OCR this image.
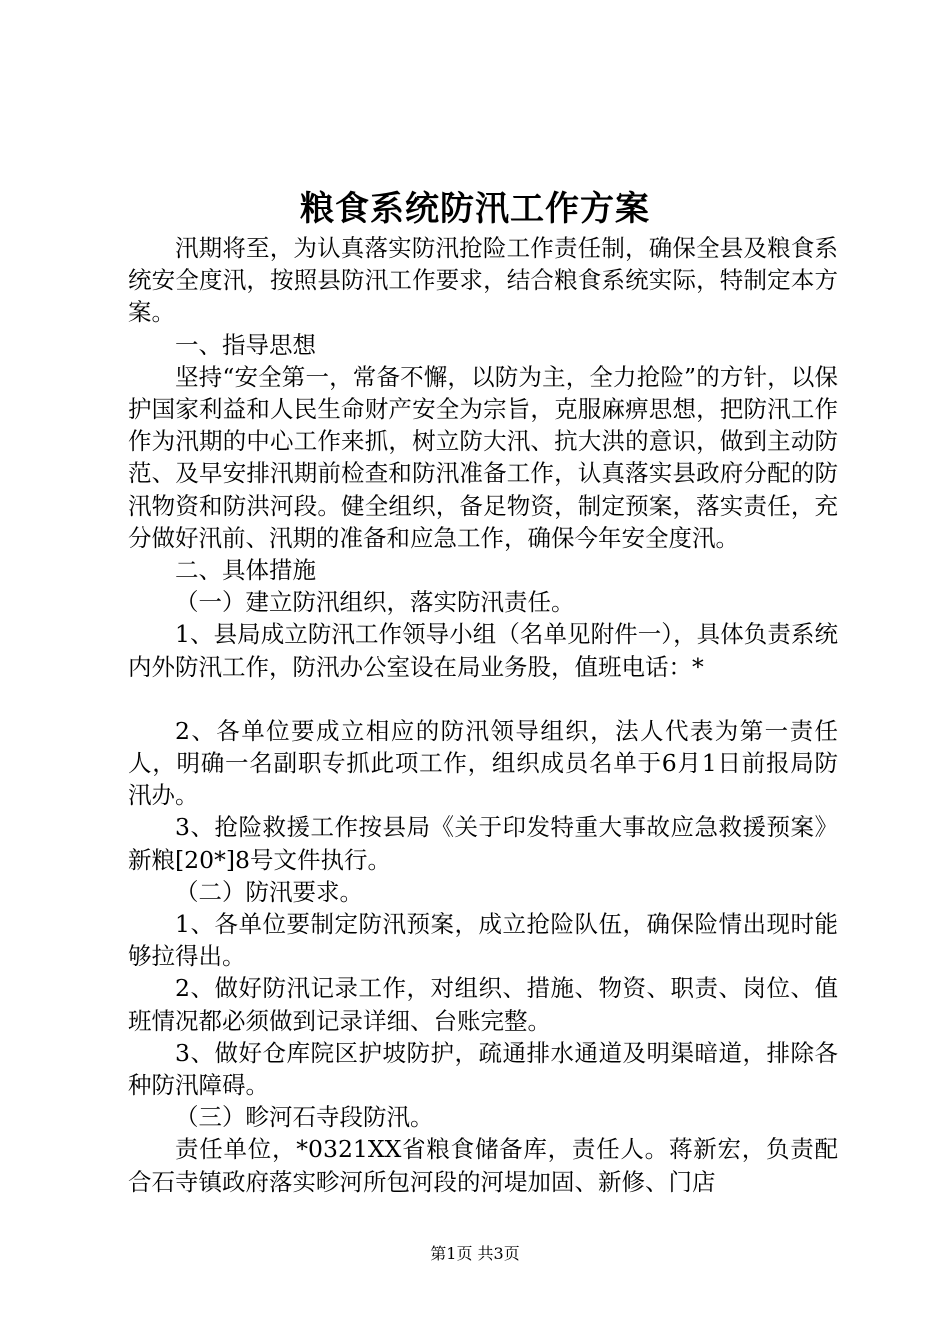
粮食系统防汛工作方案

汛期将至，为认真落实防汛抢险工作责任制，确保全县及粮食系统安全度汛，按照县防汛工作要求，结合粮食系统实际，特制定本方案。

一、指导思想

坚持“安全第一，常备不懈，以防为主，全力抢险”的方针，以保护国家利益和人民生命财产安全为宗旨，克服麻痹思想，把防汛工作作为汛期的中心工作来抓，树立防大汛、抗大洪的意识，做到主动防范、及早安排汛期前检查和防汛准备工作，认真落实县政府分配的防汛物资和防洪河段。健全组织，备足物资，制定预案，落实责任，充分做好汛前、汛期的准备和应急工作，确保今年安全度汛。

二、具体措施

（一）建立防汛组织，落实防汛责任。

1、县局成立防汛工作领导小组（名单见附件一），具体负责系统内外防汛工作，防汛办公室设在局业务股，值班电话：*

2、各单位要成立相应的防汛领导组织，法人代表为第一责任人，明确一名副职专抓此项工作，组织成员名单于6月1日前报局防汛办。

3、抢险救援工作按县局《关于印发特重大事故应急救援预案》新粮[20*]8号文件执行。

（二）防汛要求。

1、各单位要制定防汛预案，成立抢险队伍，确保险情出现时能够拉得出。

2、做好防汛记录工作，对组织、措施、物资、职责、岗位、值班情况都必须做到记录详细、台账完整。

3、做好仓库院区护坡防护，疏通排水通道及明渠暗道，排除各种防汛障碍。

（三）畛河石寺段防汛。

责任单位，*0321XX省粮食储备库，责任人。蒋新宏，负责配合石寺镇政府落实畛河所包河段的河堤加固、新修、门店

第1页 共3页
